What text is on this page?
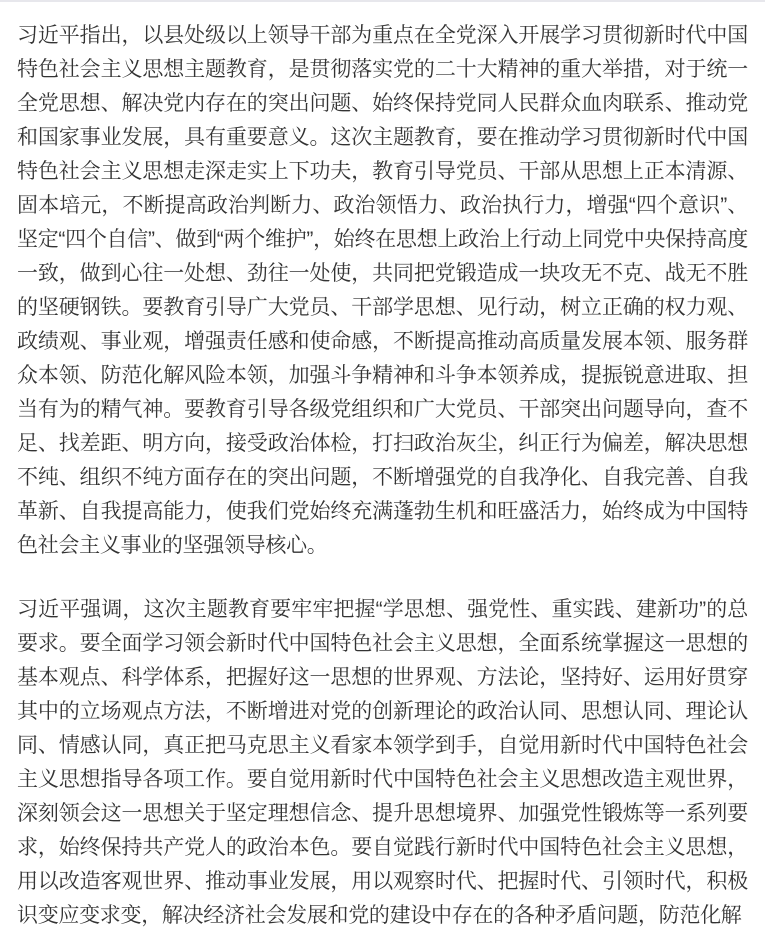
习近平指出，以县处级以上领导干部为重点在全党深入开展学习贯彻新时代中国特色社会主义思想主题教育，是贯彻落实党的二十大精神的重大举措，对于统一全党思想、解决党内存在的突出问题、始终保持党同人民群众血肉联系、推动党和国家事业发展，具有重要意义。这次主题教育，要在推动学习贯彻新时代中国特色社会主义思想走深走实上下功夫，教育引导党员、干部从思想上正本清源、固本培元，不断提高政治判断力、政治领悟力、政治执行力，增强“四个意识”、坚定“四个自信”、做到“两个维护”，始终在思想上政治上行动上同党中央保持高度一致，做到心往一处想、劲往一处使，共同把党锻造成一块攻无不克、战无不胜的坚硬钢铁。要教育引导广大党员、干部学思想、见行动，树立正确的权力观、政绩观、事业观，增强责任感和使命感，不断提高推动高质量发展本领、服务群众本领、防范化解风险本领，加强斗争精神和斗争本领养成，提振锐意进取、担当有为的精气神。要教育引导各级党组织和广大党员、干部突出问题导向，查不足、找差距、明方向，接受政治体检，打扫政治灰尘，纠正行为偏差，解决思想不纯、组织不纯方面存在的突出问题，不断增强党的自我净化、自我完善、自我革新、自我提高能力，使我们党始终充满蓬勃生机和旺盛活力，始终成为中国特色社会主义事业的坚强领导核心。

习近平强调，这次主题教育要牢牢把握“学思想、强党性、重实践、建新功”的总要求。要全面学习领会新时代中国特色社会主义思想，全面系统掌握这一思想的基本观点、科学体系，把握好这一思想的世界观、方法论，坚持好、运用好贯穿其中的立场观点方法，不断增进对党的创新理论的政治认同、思想认同、理论认同、情感认同，真正把马克思主义看家本领学到手，自觉用新时代中国特色社会主义思想指导各项工作。要自觉用新时代中国特色社会主义思想改造主观世界，深刻领会这一思想关于坚定理想信念、提升思想境界、加强党性锻炼等一系列要求，始终保持共产党人的政治本色。要自觉践行新时代中国特色社会主义思想，用以改造客观世界、推动事业发展，用以观察时代、把握时代、引领时代，积极识变应变求变，解决经济社会发展和党的建设中存在的各种矛盾问题，防范化解
